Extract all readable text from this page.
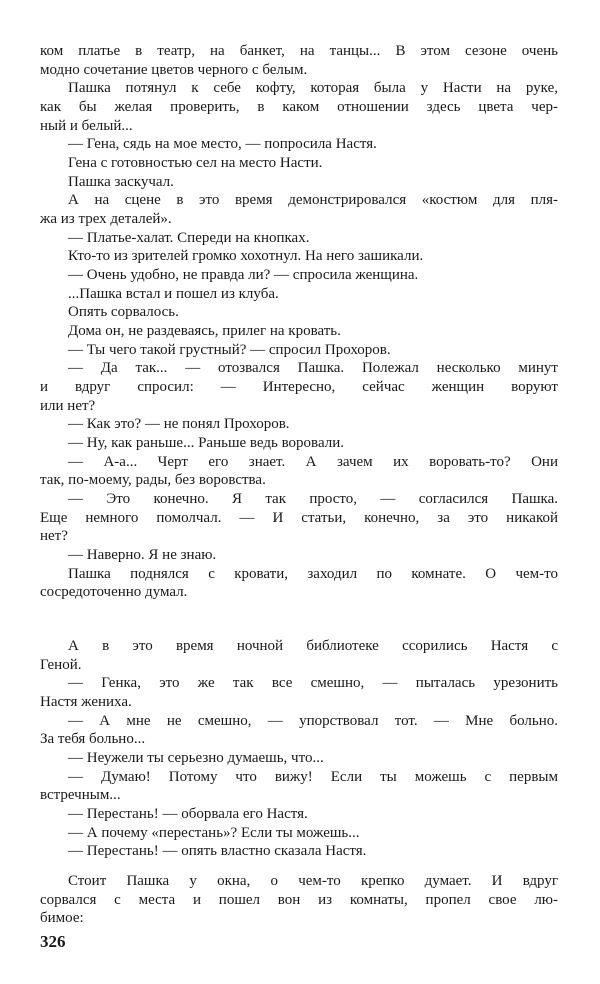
ком платье в театр, на банкет, на танцы... В этом сезоне очень
модно сочетание цветов черного с белым.
Пашка потянул к себе кофту, которая была у Насти на руке,
как бы желая проверить, в каком отношении здесь цвета чер-
ный и белый...
— Гена, сядь на мое место, — попросила Настя.
Гена с готовностью сел на место Насти.
Пашка заскучал.
А на сцене в это время демонстрировался «костюм для пля-
жа из трех деталей».
— Платье-халат. Спереди на кнопках.
Кто-то из зрителей громко хохотнул. На него зашикали.
— Очень удобно, не правда ли? — спросила женщина.
...Пашка встал и пошел из клуба.
Опять сорвалось.
Дома он, не раздеваясь, прилег на кровать.
— Ты чего такой грустный? — спросил Прохоров.
— Да так... — отозвался Пашка. Полежал несколько минут
и вдруг спросил: — Интересно, сейчас женщин воруют
или нет?
— Как это? — не понял Прохоров.
— Ну, как раньше... Раньше ведь воровали.
— А-а... Черт его знает. А зачем их воровать-то? Они
так, по-моему, рады, без воровства.
— Это конечно. Я так просто, — согласился Пашка.
Еще немного помолчал. — И статьи, конечно, за это никакой
нет?
— Наверно. Я не знаю.
Пашка поднялся с кровати, заходил по комнате. О чем-то
сосредоточенно думал.
А в это время ночной библиотеке ссорились Настя с
Геной.
— Генка, это же так все смешно, — пыталась урезонить
Настя жениха.
— А мне не смешно, — упорствовал тот. — Мне больно.
За тебя больно...
— Неужели ты серьезно думаешь, что...
— Думаю! Потому что вижу! Если ты можешь с первым
встречным...
— Перестань! — оборвала его Настя.
— А почему «перестань»? Если ты можешь...
— Перестань! — опять властно сказала Настя.
Стоит Пашка у окна, о чем-то крепко думает. И вдруг
сорвался с места и пошел вон из комнаты, пропел свое лю-
бимое:
326
